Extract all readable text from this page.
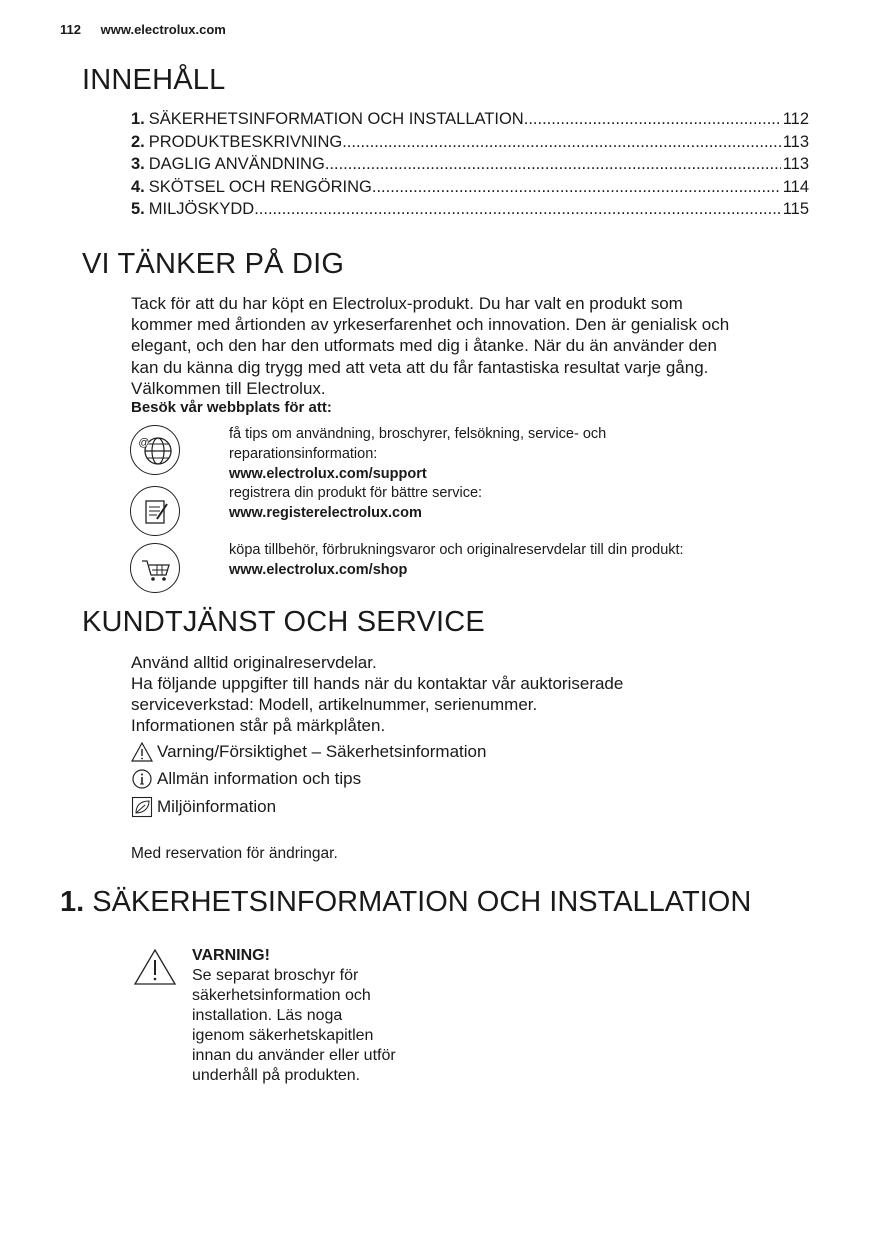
112 www.electrolux.com
INNEHÅLL
1. SÄKERHETSINFORMATION OCH INSTALLATION .....	112
2. PRODUKTBESKRIVNING .....	113
3. DAGLIG ANVÄNDNING .....	113
4. SKÖTSEL OCH RENGÖRING .....	114
5. MILJÖSKYDD .....	115
VI TÄNKER PÅ DIG
Tack för att du har köpt en Electrolux-produkt. Du har valt en produkt som
kommer med årtionden av yrkeserfarenhet och innovation. Den är genialisk och
elegant, och den har den utformats med dig i åtanke. När du än använder den
kan du känna dig trygg med att veta att du får fantastiska resultat varje gång.
Välkommen till Electrolux.
Besök vår webbplats för att:
@
få tips om användning, broschyrer, felsökning, service- och
reparationsinformation:
www.electrolux.com/support
registrera din produkt för bättre service:
www.registerelectrolux.com
köpa tillbehör, förbrukningsvaror och originalreservdelar till din produkt:
www.electrolux.com/shop
KUNDTJÄNST OCH SERVICE
Använd alltid originalreservdelar.
Ha följande uppgifter till hands när du kontaktar vår auktoriserade
serviceverkstad: Modell, artikelnummer, serienummer.
Informationen står på märkplåten.
Varning/Försiktighet – Säkerhetsinformation
Allmän information och tips
Miljöinformation
Med reservation för ändringar.
1. SÄKERHETSINFORMATION OCH INSTALLATION
VARNING!
Se separat broschyr för
säkerhetsinformation och
installation. Läs noga
igenom säkerhetskapitlen
innan du använder eller utför
underhåll på produkten.
